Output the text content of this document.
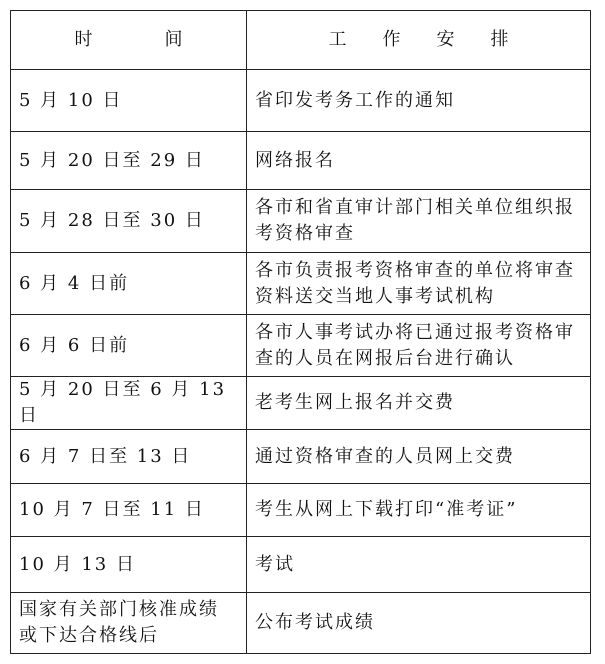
时　　　　间	工　　作　　安　　排
5 月 10 日	省印发考务工作的通知
5 月 20 日至 29 日	网络报名
5 月 28 日至 30 日	各市和省直审计部门相关单位组织报考资格审查
6 月 4 日前	各市负责报考资格审查的单位将审查资料送交当地人事考试机构
6 月 6 日前	各市人事考试办将已通过报考资格审查的人员在网报后台进行确认
5 月 20 日至 6 月 13 日	老考生网上报名并交费
6 月 7 日至 13 日	通过资格审查的人员网上交费
10 月 7 日至 11 日	考生从网上下载打印“准考证”
10 月 13 日	考试
国家有关部门核准成绩或下达合格线后	公布考试成绩
